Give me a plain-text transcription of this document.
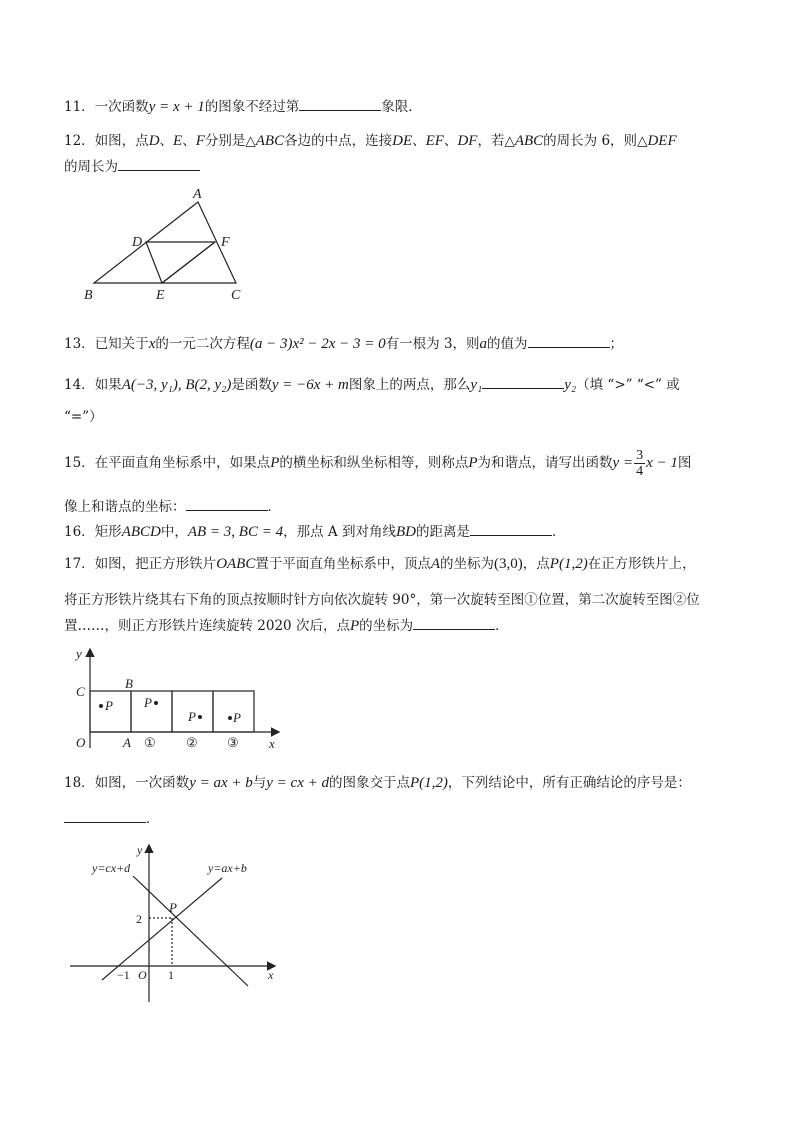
11．一次函数y = x + 1的图象不经过第	象限．
12．如图，点D、E、F分别是△ABC各边的中点，连接DE、EF、DF，若△ABC的周长为 6，则△DEF
的周长为
A
B	C
D
E
F
13．已知关于x的一元二次方程(a − 3)x² − 2x − 3 = 0有一根为 3，则a的值为	；
14．如果A(−3, y₁), B(2, y₂)是函数y = −6x + m图象上的两点，那么y₁	y₂（填 “>” “<” 或
“=”）
15．在平面直角坐标系中，如果点P的横坐标和纵坐标相等，则称点P为和谐点，请写出函数$y = \frac{3}{4}$ x − 1图
像上和谐点的坐标：	．
16．矩形ABCD中，AB = 3, BC = 4，那点 A 到对角线BD的距离是	．
17．如图，把正方形铁片OABC置于平面直角坐标系中，顶点A的坐标为(3,0)，点P(1,2)在正方形铁片上，
将正方形铁片绕其右下角的顶点按顺时针方向依次旋转 90°，第一次旋转至图①位置，第二次旋转至图②位
置……，则正方形铁片连续旋转 2020 次后，点P的坐标为	．
y
x
C
B
O	A
P P
P	P
① ② ③
18．如图，一次函数y = ax + b与y = cx + d的图象交于点P(1,2)，下列结论中，所有正确结论的序号是：
．
y=cx+d	y=ax+b
y
x
P
O
2
−1	1
